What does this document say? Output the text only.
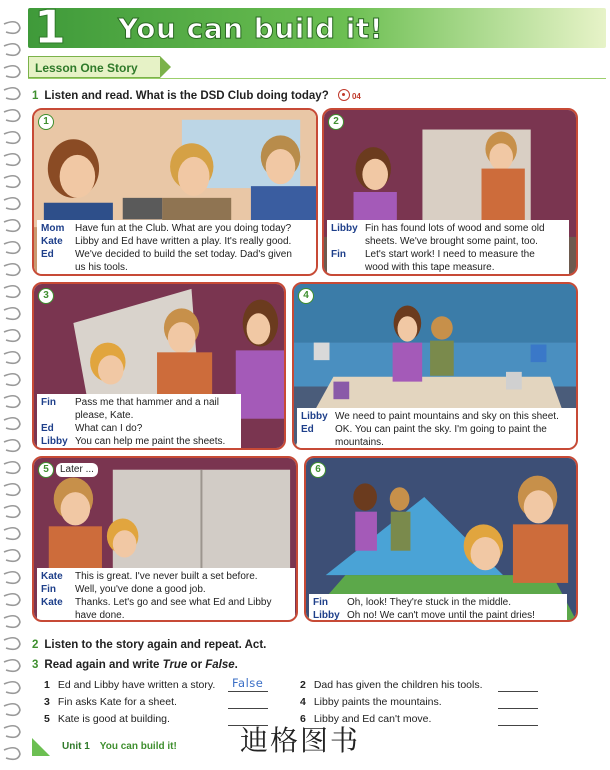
1 You can build it!
Lesson One Story
1 Listen and read. What is the DSD Club doing today?	04
1
Mom	Have fun at the Club. What are you doing today?
Kate	Libby and Ed have written a play. It's really good.
Ed	We've decided to build the set today. Dad's given
us his tools.
2
Libby Fin has found lots of wood and some old
sheets. We've brought some paint, too.
Fin	Let's start work! I need to measure the
wood with this tape measure.
3
Fin	Pass me that hammer and a nail
please, Kate.
Ed	What can I do?
Libby You can help me paint the sheets.
4
Libby We need to paint mountains and sky on this sheet.
Ed	OK. You can paint the sky. I'm going to paint the
mountains.
5	Later ...
Kate	This is great. I've never built a set before.
Fin	Well, you've done a good job.
Kate	Thanks. Let's go and see what Ed and Libby
have done.
6
Fin	Oh, look! They're stuck in the middle.
Libby Oh no! We can't move until the paint dries!
2 Listen to the story again and repeat. Act.
3 Read again and write True or False.
1 Ed and Libby have written a story. False	2 Dad has given the children his tools.
3 Fin asks Kate for a sheet.	4 Libby paints the mountains.
5 Kate is good at building.	6 Libby and Ed can't move.
Unit 1 You can build it! 迪格图书
